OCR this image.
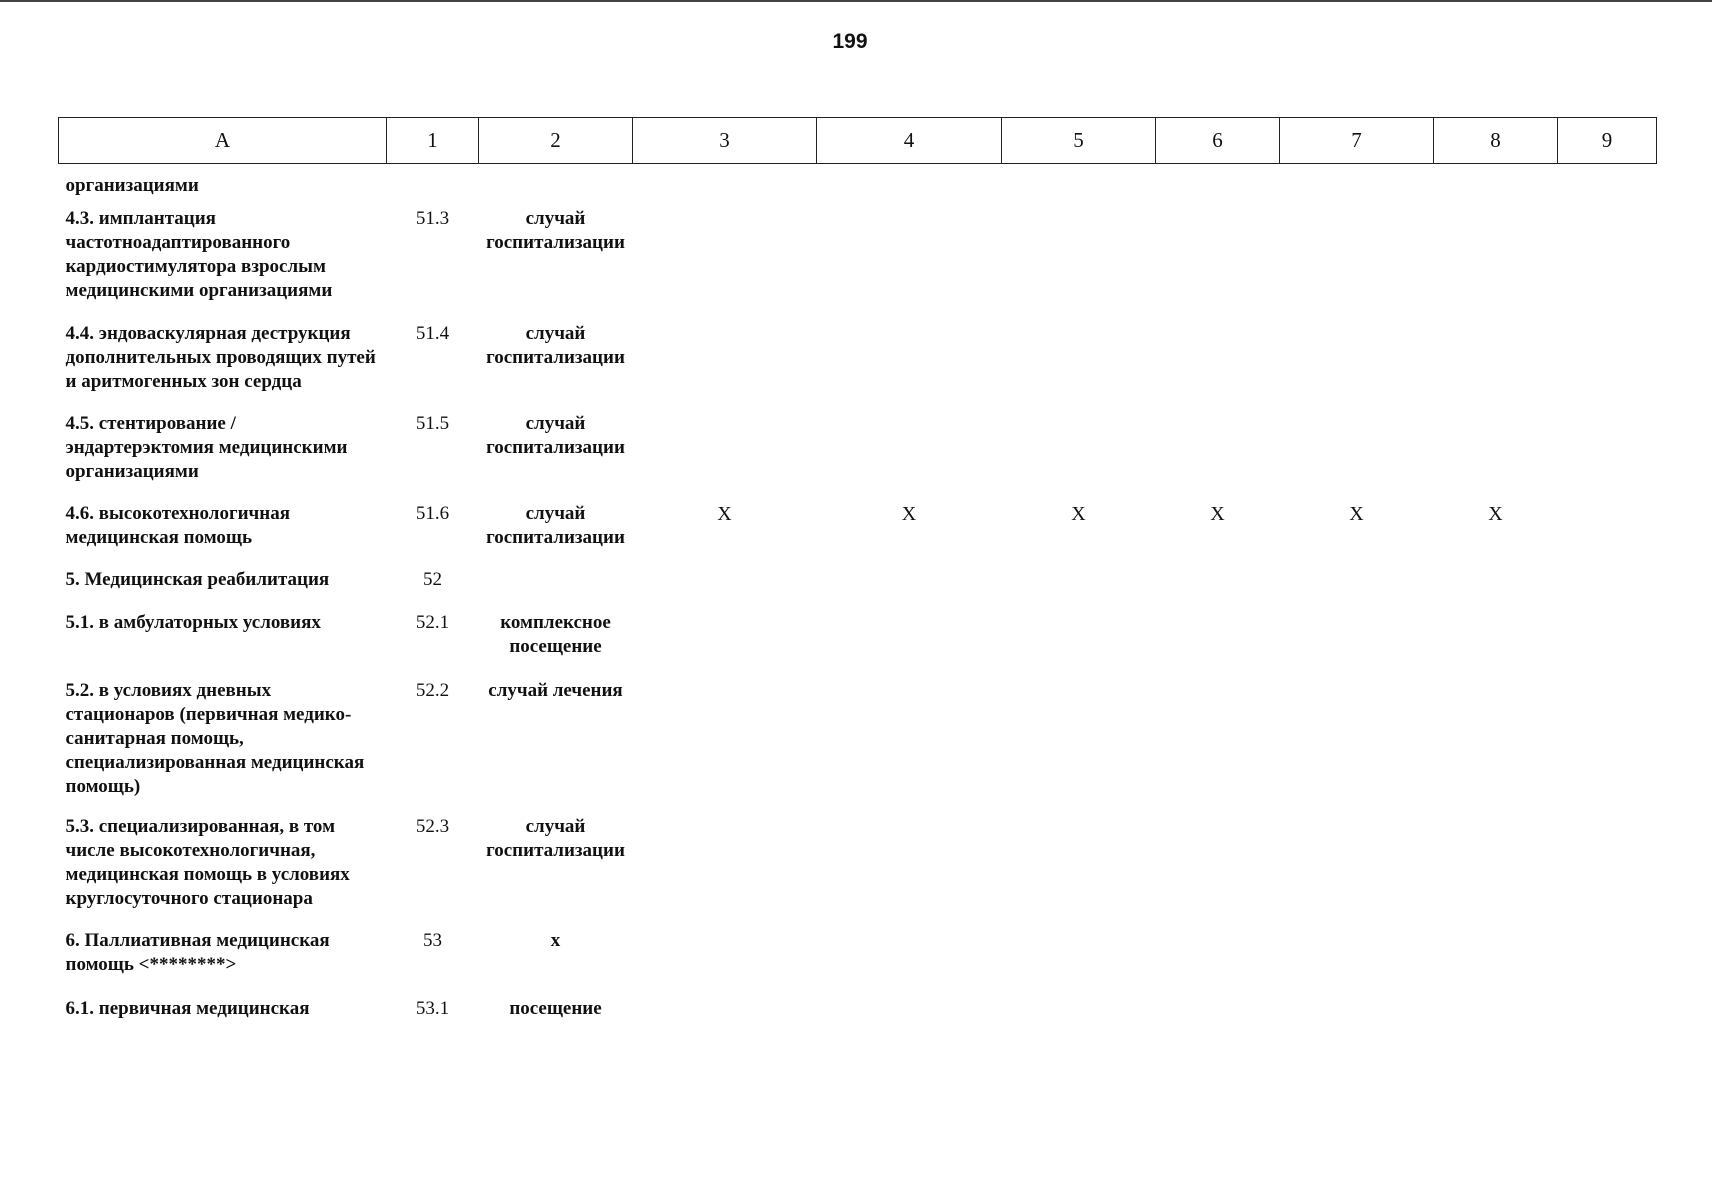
199
A	1	2	3	4	5	6	7	8	9
организациями									
4.3. имплантация частотноадаптированного кардиостимулятора взрослым медицинскими организациями	51.3	случай госпитализации							
4.4. эндоваскулярная деструкция дополнительных проводящих путей и аритмогенных зон сердца	51.4	случай госпитализации							
4.5. стентирование / эндартерэктомия медицинскими организациями	51.5	случай госпитализации							
4.6. высокотехнологичная медицинская помощь	51.6	случай госпитализации	X	X	X	X	X	X	
5. Медицинская реабилитация	52								
5.1. в амбулаторных условиях	52.1	комплексное посещение							
5.2. в условиях дневных стационаров (первичная медико-санитарная помощь, специализированная медицинская помощь)	52.2	случай лечения							
5.3. специализированная, в том числе высокотехнологичная, медицинская помощь в условиях круглосуточного стационара	52.3	случай госпитализации							
6. Паллиативная медицинская помощь <********>	53	x							
6.1. первичная медицинская	53.1	посещение							
